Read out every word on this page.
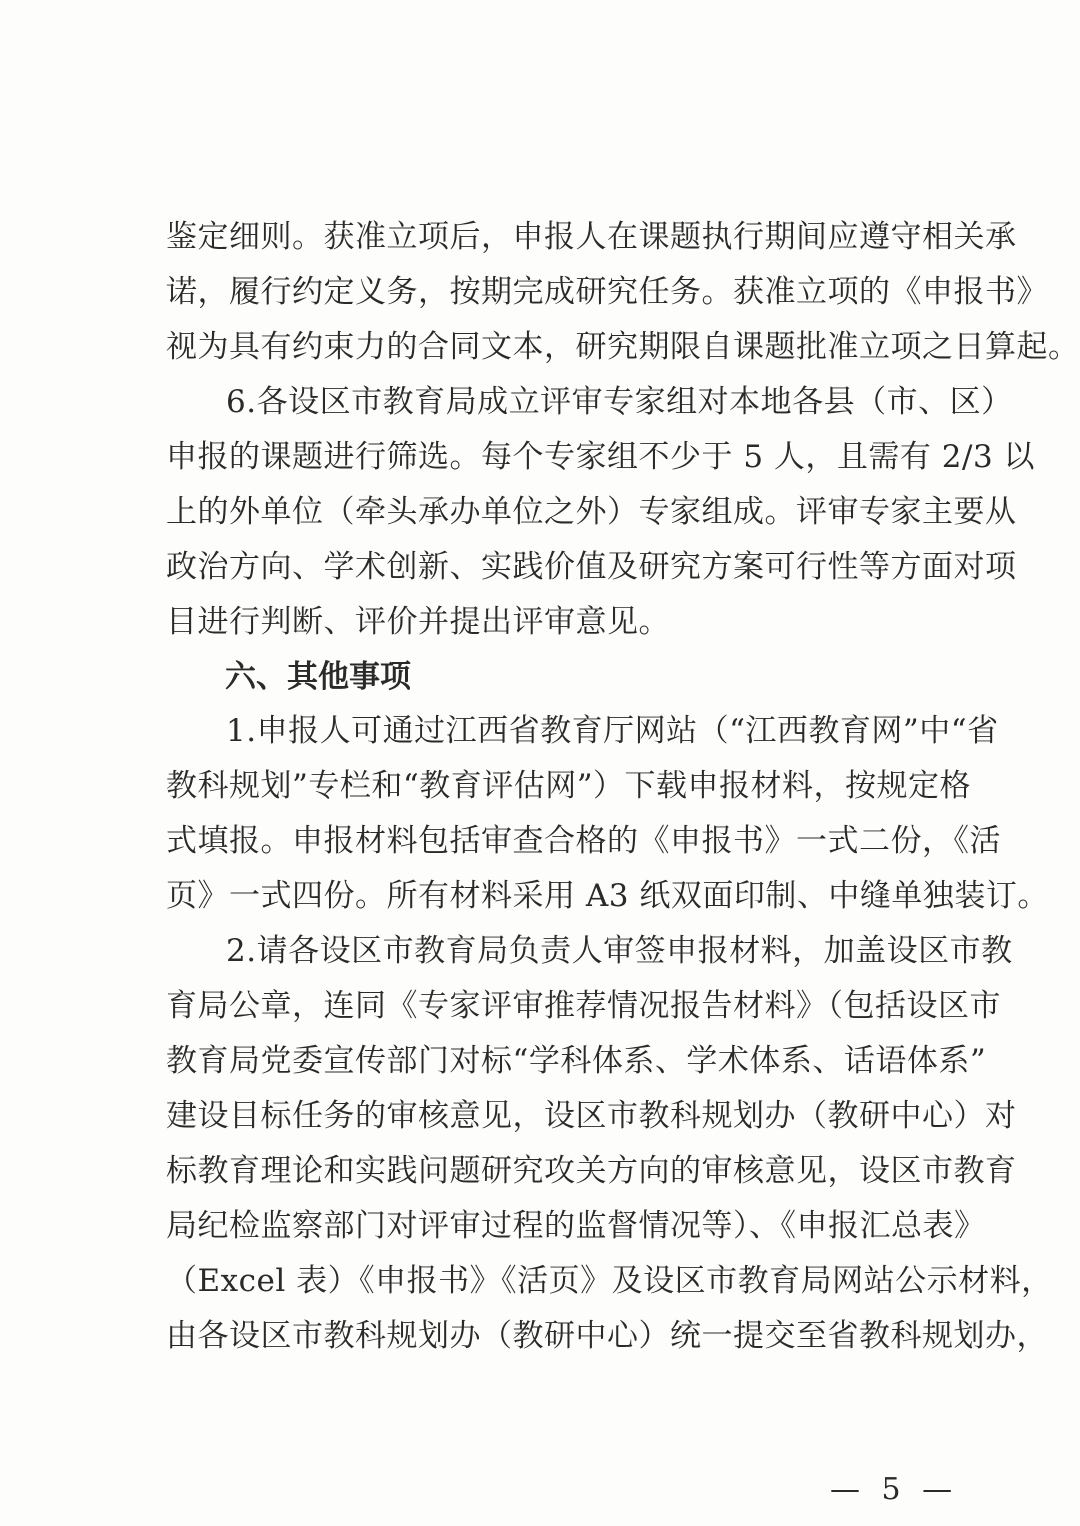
鉴定细则。获准立项后，申报人在课题执行期间应遵守相关承
诺，履行约定义务，按期完成研究任务。获准立项的《申报书》
视为具有约束力的合同文本，研究期限自课题批准立项之日算起。
6.各设区市教育局成立评审专家组对本地各县（市、区）
申报的课题进行筛选。每个专家组不少于 5 人，且需有 2/3 以
上的外单位（牵头承办单位之外）专家组成。评审专家主要从
政治方向、学术创新、实践价值及研究方案可行性等方面对项
目进行判断、评价并提出评审意见。
六、其他事项
1.申报人可通过江西省教育厅网站（“江西教育网”中“省
教科规划”专栏和“教育评估网”）下载申报材料，按规定格
式填报。申报材料包括审查合格的《申报书》一式二份，《活
页》一式四份。所有材料采用 A3 纸双面印制、中缝单独装订。
2.请各设区市教育局负责人审签申报材料，加盖设区市教
育局公章，连同《专家评审推荐情况报告材料》（包括设区市
教育局党委宣传部门对标“学科体系、学术体系、话语体系”
建设目标任务的审核意见，设区市教科规划办（教研中心）对
标教育理论和实践问题研究攻关方向的审核意见，设区市教育
局纪检监察部门对评审过程的监督情况等）、《申报汇总表》
（Excel 表）《申报书》《活页》及设区市教育局网站公示材料，
由各设区市教科规划办（教研中心）统一提交至省教科规划办，
— 5 —
